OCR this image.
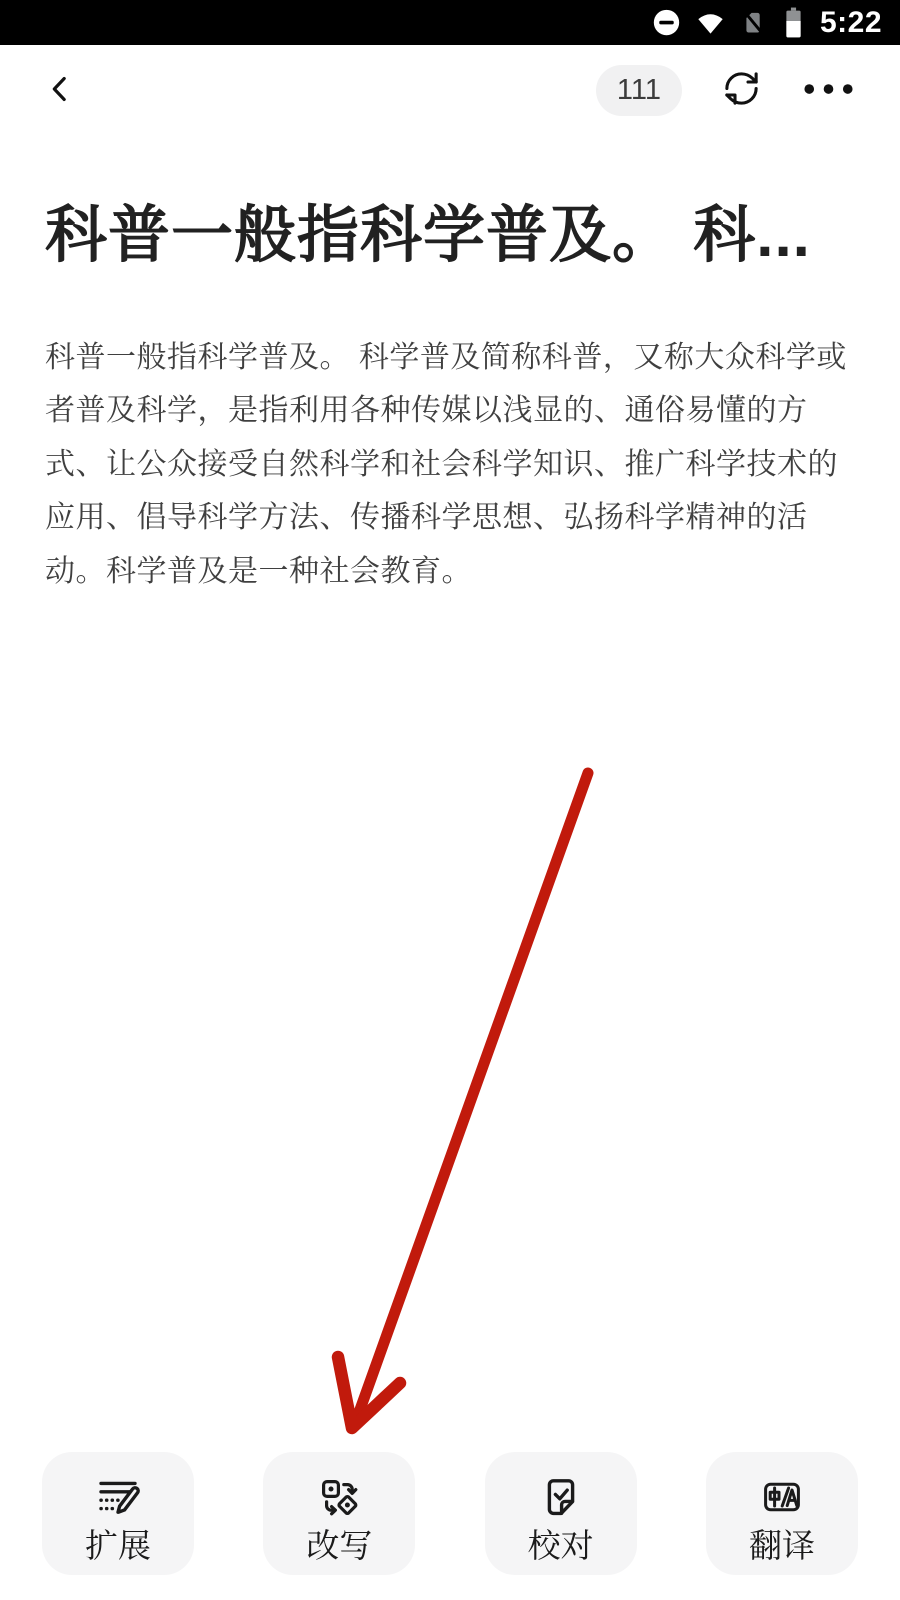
5:22
111
科普一般指科学普及。 科...

科普一般指科学普及。 科学普及简称科普，又称大众科学或者普及科学，是指利用各种传媒以浅显的、通俗易懂的方式、让公众接受自然科学和社会科学知识、推广科学技术的应用、倡导科学方法、传播科学思想、弘扬科学精神的活动。科学普及是一种社会教育。

扩展	改写	校对	翻译
